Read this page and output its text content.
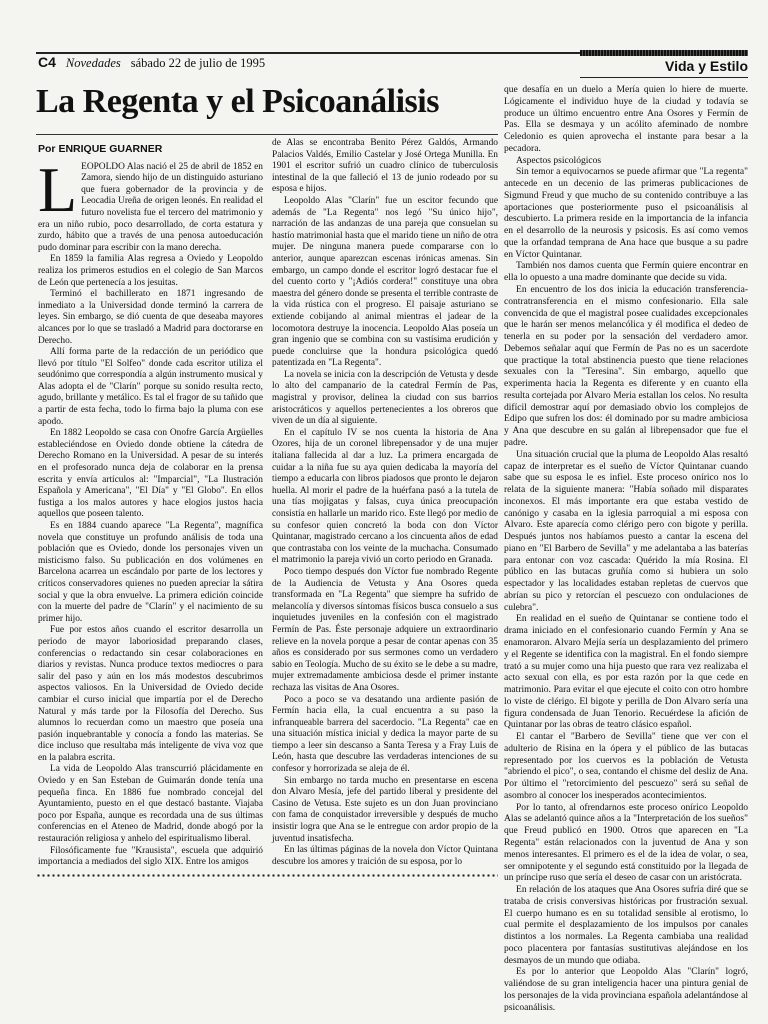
C4 Novedades sábado 22 de julio de 1995	Vida y Estilo
La Regenta y el Psicoanálisis
Por ENRIQUE GUARNER

LEOPOLDO Alas nació el 25 de abril de 1852 en Zamora, siendo hijo de un distinguido asturiano que fuera gobernador de la provincia y de Leocadia Ureña de origen leonés. En realidad el futuro novelista fue el tercero del matrimonio y era un niño rubio, poco desarrollado, de corta estatura y zurdo, hábito que a través de una penosa autoeducación pudo dominar para escribir con la mano derecha.

En 1859 la familia Alas regresa a Oviedo y Leopoldo realiza los primeros estudios en el colegio de San Marcos de León que pertenecía a los jesuitas.

Terminó el bachillerato en 1871 ingresando de inmediato a la Universidad donde terminó la carrera de leyes. Sin embargo, se dió cuenta de que deseaba mayores alcances por lo que se trasladó a Madrid para doctorarse en Derecho.

Allí forma parte de la redacción de un periódico que llevó por título "El Solfeo" donde cada escritor utiliza el seudónimo que correspondía a algún instrumento musical y Alas adopta el de "Clarín" porque su sonido resulta recto, agudo, brillante y metálico. Es tal el fragor de su tañido que a partir de esta fecha, todo lo firma bajo la pluma con ese apodo.

En 1882 Leopoldo se casa con Onofre García Argüelles estableciéndose en Oviedo donde obtiene la cátedra de Derecho Romano en la Universidad. A pesar de su interés en el profesorado nunca deja de colaborar en la prensa escrita y envía artículos al: "Imparcial", "La Ilustración Española y Americana", "El Día" y "El Globo". En ellos fustiga a los malos autores y hace elogios justos hacia aquellos que poseen talento.

Es en 1884 cuando aparece "La Regenta", magnífica novela que constituye un profundo análisis de toda una población que es Oviedo, donde los personajes viven un misticismo falso. Su publicación en dos volúmenes en Barcelona acarrea un escándalo por parte de los lectores y críticos conservadores quienes no pueden apreciar la sátira social y que la obra envuelve. La primera edición coincide con la muerte del padre de "Clarín" y el nacimiento de su primer hijo.

Fue por estos años cuando el escritor desarrolla un periodo de mayor laboriosidad preparando clases, conferencias o redactando sin cesar colaboraciones en diarios y revistas. Nunca produce textos mediocres o para salir del paso y aún en los más modestos descubrimos aspectos valiosos. En la Universidad de Oviedo decide cambiar el curso inicial que impartía por el de Derecho Natural y más tarde por la Filosofía del Derecho. Sus alumnos lo recuerdan como un maestro que poseía una pasión inquebrantable y conocía a fondo las materias. Se dice incluso que resultaba más inteligente de viva voz que en la palabra escrita.

La vida de Leopoldo Alas transcurrió plácidamente en Oviedo y en San Esteban de Guimarán donde tenía una pequeña finca. En 1886 fue nombrado concejal del Ayuntamiento, puesto en el que destacó bastante. Viajaba poco por España, aunque es recordada una de sus últimas conferencias en el Ateneo de Madrid, donde abogó por la restauración religiosa y anhelo del espiritualismo liberal.

Filosóficamente fue "Krausista", escuela que adquirió importancia a mediados del siglo XIX. Entre los amigos

de Alas se encontraba Benito Pérez Galdós, Armando Palacios Valdés, Emilio Castelar y José Ortega Munilla. En 1901 el escritor sufrió un cuadro clínico de tuberculosis intestinal de la que falleció el 13 de junio rodeado por su esposa e hijos.

Leopoldo Alas "Clarín" fue un escitor fecundo que además de "La Regenta" nos legó "Su único hijo", narración de las andanzas de una pareja que consuelan su hastío matrimonial hasta que el marido tiene un niño de otra mujer. De ninguna manera puede compararse con lo anterior, aunque aparezcan escenas irónicas amenas. Sin embargo, un campo donde el escritor logró destacar fue el del cuento corto y "¡Adiós cordera!" constituye una obra maestra del género donde se presenta el terrible contraste de la vida rústica con el progreso. El paisaje asturiano se extiende cobijando al animal mientras el jadear de la locomotora destruye la inocencia. Leopoldo Alas poseía un gran ingenio que se combina con su vastísima erudición y puede concluirse que la hondura psicológica quedó patentizada en "La Regenta".

La novela se inicia con la descripción de Vetusta y desde lo alto del campanario de la catedral Fermín de Pas, magistral y provisor, delinea la ciudad con sus barrios aristocráticos y aquellos pertenecientes a los obreros que viven de un día al siguiente.

En el capítulo IV se nos cuenta la historia de Ana Ozores, hija de un coronel librepensador y de una mujer italiana fallecida al dar a luz. La primera encargada de cuidar a la niña fue su aya quien dedicaba la mayoría del tiempo a educarla con libros piadosos que pronto le dejaron huella. Al morir el padre de la huérfana pasó a la tutela de una tías mojigatas y falsas, cuya única preocupación consistía en hallarle un marido rico. Este llegó por medio de su confesor quien concretó la boda con don Víctor Quintanar, magistrado cercano a los cincuenta años de edad que contrastaba con los veinte de la muchacha. Consumado el matrimonio la pareja vivió un corto periodo en Granada.

Poco tiempo después don Víctor fue nombrado Regente de la Audiencia de Vetusta y Ana Osores queda transformada en "La Regenta" que siempre ha sufrido de melancolía y diversos síntomas físicos busca consuelo a sus inquietudes juveniles en la confesión con el magistrado Fermín de Pas. Éste personaje adquiere un extraordinario relieve en la novela porque a pesar de contar apenas con 35 años es considerado por sus sermones como un verdadero sabio en Teología. Mucho de su éxito se le debe a su madre, mujer extremadamente ambiciosa desde el primer instante rechaza las visitas de Ana Osores.

Poco a poco se va desatando una ardiente pasión de Fermín hacia ella, la cual encuentra a su paso la infranqueable barrera del sacerdocio. "La Regenta" cae en una situación mística inicial y dedica la mayor parte de su tiempo a leer sin descanso a Santa Teresa y a Fray Luis de León, hasta que descubre las verdaderas intenciones de su confesor y horrorizada se aleja de él.

Sin embargo no tarda mucho en presentarse en escena don Alvaro Mesía, jefe del partido liberal y presidente del Casino de Vetusa. Este sujeto es un don Juan provinciano con fama de conquistador irreversible y después de mucho insistir logra que Ana se le entregue con ardor propio de la juventud insatisfecha.

En las últimas páginas de la novela don Víctor Quintana descubre los amores y traición de su esposa, por lo

que desafía en un duelo a Mería quien lo hiere de muerte. Lógicamente el individuo huye de la ciudad y todavía se produce un último encuentro entre Ana Osores y Fermín de Pas. Ella se desmaya y un acólito afeminado de nombre Celedonio es quien aprovecha el instante para besar a la pecadora.

Aspectos psicológicos

Sin temor a equivocarnos se puede afirmar que "La regenta" antecede en un decenio de las primeras publicaciones de Sigmund Freud y que mucho de su contenido contribuye a las aportaciones que posteriormente puso el psicoanálisis al descubierto. La primera reside en la importancia de la infancia en el desarrollo de la neurosis y psicosis. Es así como vemos que la orfandad temprana de Ana hace que busque a su padre en Víctor Quintanar.

También nos damos cuenta que Fermín quiere encontrar en ella lo opuesto a una madre dominante que decide su vida.

En encuentro de los dos inicia la educación transferencia-contratransferencia en el mismo confesionario. Ella sale convencida de que el magistral posee cualidades excepcionales que le harán ser menos melancólica y él modifica el dedeo de tenerla en su poder por la sensación del verdadero amor. Debemos señalar aquí que Fermín de Pas no es un sacerdote que practique la total abstinencia puesto que tiene relaciones sexuales con la "Teresina". Sin embargo, aquello que experimenta hacia la Regenta es diferente y en cuanto ella resulta cortejada por Alvaro Meria estallan los celos. No resulta difícil demostrar aquí por demasiado obvio los complejos de Edipo que sufren los dos: él dominado por su madre ambiciosa y Ana que descubre en su galán al librepensador que fue el padre.

Una situación crucial que la pluma de Leopoldo Alas resaltó capaz de interpretar es el sueño de Víctor Quintanar cuando sabe que su esposa le es infiel. Este proceso onírico nos lo relata de la siguiente manera: "Había soñado mil disparates inconexos. El más importante era que estaba vestido de canónigo y casaba en la iglesia parroquial a mi esposa con Alvaro. Este aparecía como clérigo pero con bigote y perilla. Después juntos nos habíamos puesto a cantar la escena del piano en "El Barbero de Sevilla" y me adelantaba a las baterías para entonar con voz cascada: Quérido la mía Rosina. El público en las butacas gruñía como si hubiera un solo espectador y las localidades estaban repletas de cuervos que abrían su pico y retorcían el pescuezo con ondulaciones de culebra".

En realidad en el sueño de Quintanar se contiene todo el drama iniciado en el confesionario cuando Fermín y Ana se enamoraron. Alvaro Mejía sería un desplazamiento del primero y el Regente se identifica con la magistral. En el fondo siempre trató a su mujer como una hija puesto que rara vez realizaba el acto sexual con ella, es por esta razón por la que cede en matrimonio. Para evitar el que ejecute el coito con otro hombre lo viste de clérigo. El bigote y perilla de Don Alvaro sería una figura condensada de Juan Tenorio. Recuérdese la afición de Quintanar por las obras de teatro clásico español.

El cantar el "Barbero de Sevilla" tiene que ver con el adulterio de Risina en la ópera y el público de las butacas representado por los cuervos es la población de Vetusta "abriendo el pico", o sea, contando el chisme del desliz de Ana. Por último el "retorcimiento del pescuezo" será su señal de asombro al conocer los inesperados acontecimientos.

Por lo tanto, al ofrendarnos este proceso onírico Leopoldo Alas se adelantó quince años a la "Interpretación de los sueños" que Freud publicó en 1900. Otros que aparecen en "La Regenta" están relacionados con la juventud de Ana y son menos interesantes. El primero es el de la idea de volar, o sea, ser omnipotente y el segundo está constituido por la llegada de un príncipe ruso que sería el deseo de casar con un aristócrata.

En relación de los ataques que Ana Osores sufría diré que se trataba de crisis conversivas históricas por frustración sexual. El cuerpo humano es en su totalidad sensible al erotismo, lo cual permite el desplazamiento de los impulsos por canales distintos a los normales. La Regenta cambiaba una realidad poco placentera por fantasías sustitutivas alejándose en los desmayos de un mundo que odiaba.

Es por lo anterior que Leopoldo Alas "Clarín" logró, valiéndose de su gran inteligencia hacer una pintura genial de los personajes de la vida provinciana española adelantándose al psicoanálisis.
